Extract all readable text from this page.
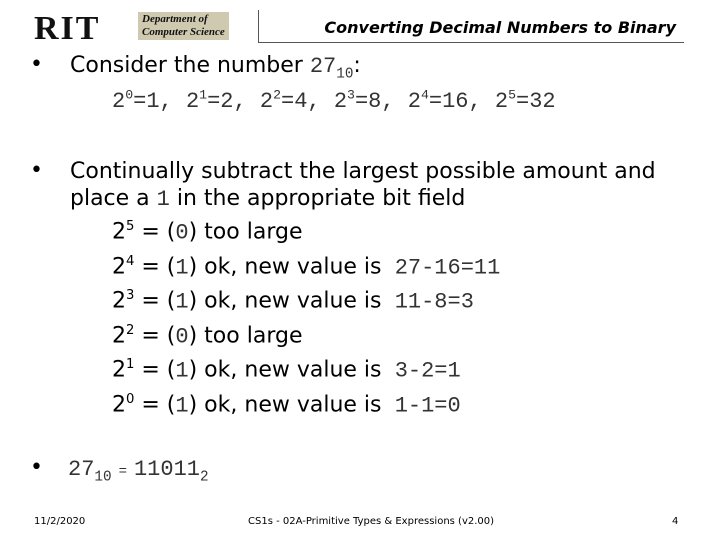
RIT	Department of
Computer Science	Converting Decimal Numbers to Binary
• Consider the number $27_{10}$:
$2^0=1$, $2^1=2$, $2^2=4$, $2^3=8$, $2^4=16$, $2^5=32$
• Continually subtract the largest possible amount and
place a 1 in the appropriate bit field
$2^5 = (0)$ too large
$2^4 = (1)$ ok, new value is 27-16=11
$2^3 = (1)$ ok, new value is 11-8=3
$2^2 = (0)$ too large
$2^1 = (1)$ ok, new value is 3-2=1
$2^0 = (1)$ ok, new value is 1-1=0
• $27_{10} = 11011_2$
11/2/2020	CS1s - 02A-Primitive Types & Expressions (v2.00)	4
